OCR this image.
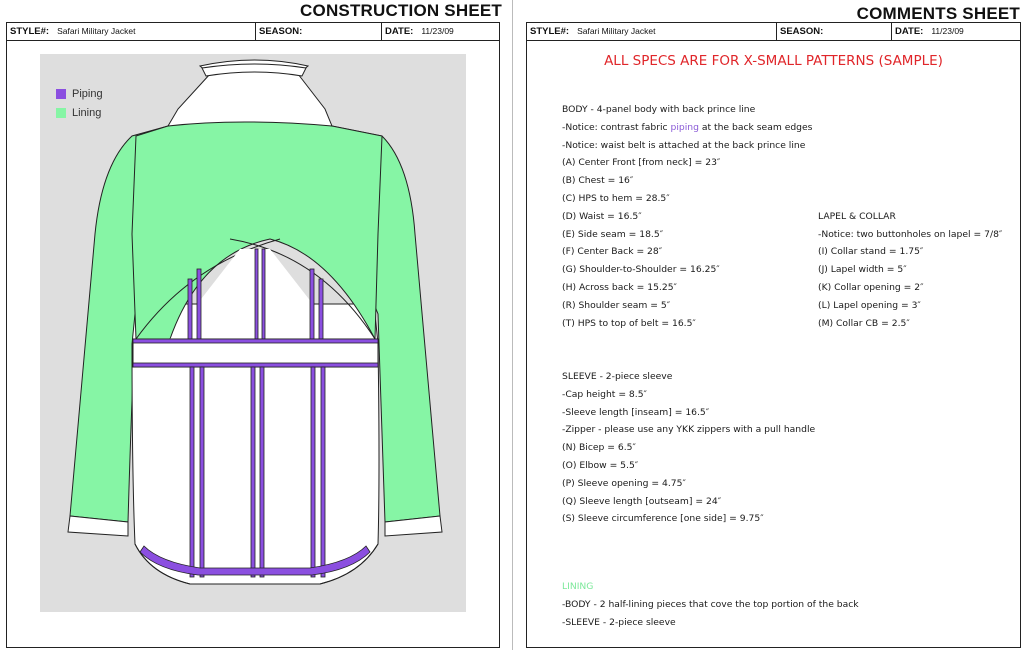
CONSTRUCTION SHEET
STYLE#: Safari Military Jacket	SEASON:	DATE: 11/23/09
Piping
Lining
COMMENTS SHEET
STYLE#: Safari Military Jacket	SEASON:	DATE: 11/23/09
ALL SPECS ARE FOR X-SMALL PATTERNS (SAMPLE)
BODY - 4-panel body with back prince line
-Notice: contrast fabric piping at the back seam edges
-Notice: waist belt is attached at the back prince line
(A) Center Front [from neck] = 23″
(B) Chest = 16″
(C) HPS to hem = 28.5″
(D) Waist = 16.5″
(E) Side seam = 18.5″
(F) Center Back = 28″
(G) Shoulder-to-Shoulder = 16.25″
(H) Across back = 15.25″
(R) Shoulder seam = 5″
(T) HPS to top of belt = 16.5″
LAPEL & COLLAR
-Notice: two buttonholes on lapel = 7/8″
(I) Collar stand = 1.75″
(J) Lapel width = 5″
(K) Collar opening = 2″
(L) Lapel opening = 3″
(M) Collar CB = 2.5″
SLEEVE - 2-piece sleeve
-Cap height = 8.5″
-Sleeve length [inseam] = 16.5″
-Zipper - please use any YKK zippers with a pull handle
(N) Bicep = 6.5″
(O) Elbow = 5.5″
(P) Sleeve opening = 4.75″
(Q) Sleeve length [outseam] = 24″
(S) Sleeve circumference [one side] = 9.75″
LINING
-BODY - 2 half-lining pieces that cove the top portion of the back
-SLEEVE - 2-piece sleeve
